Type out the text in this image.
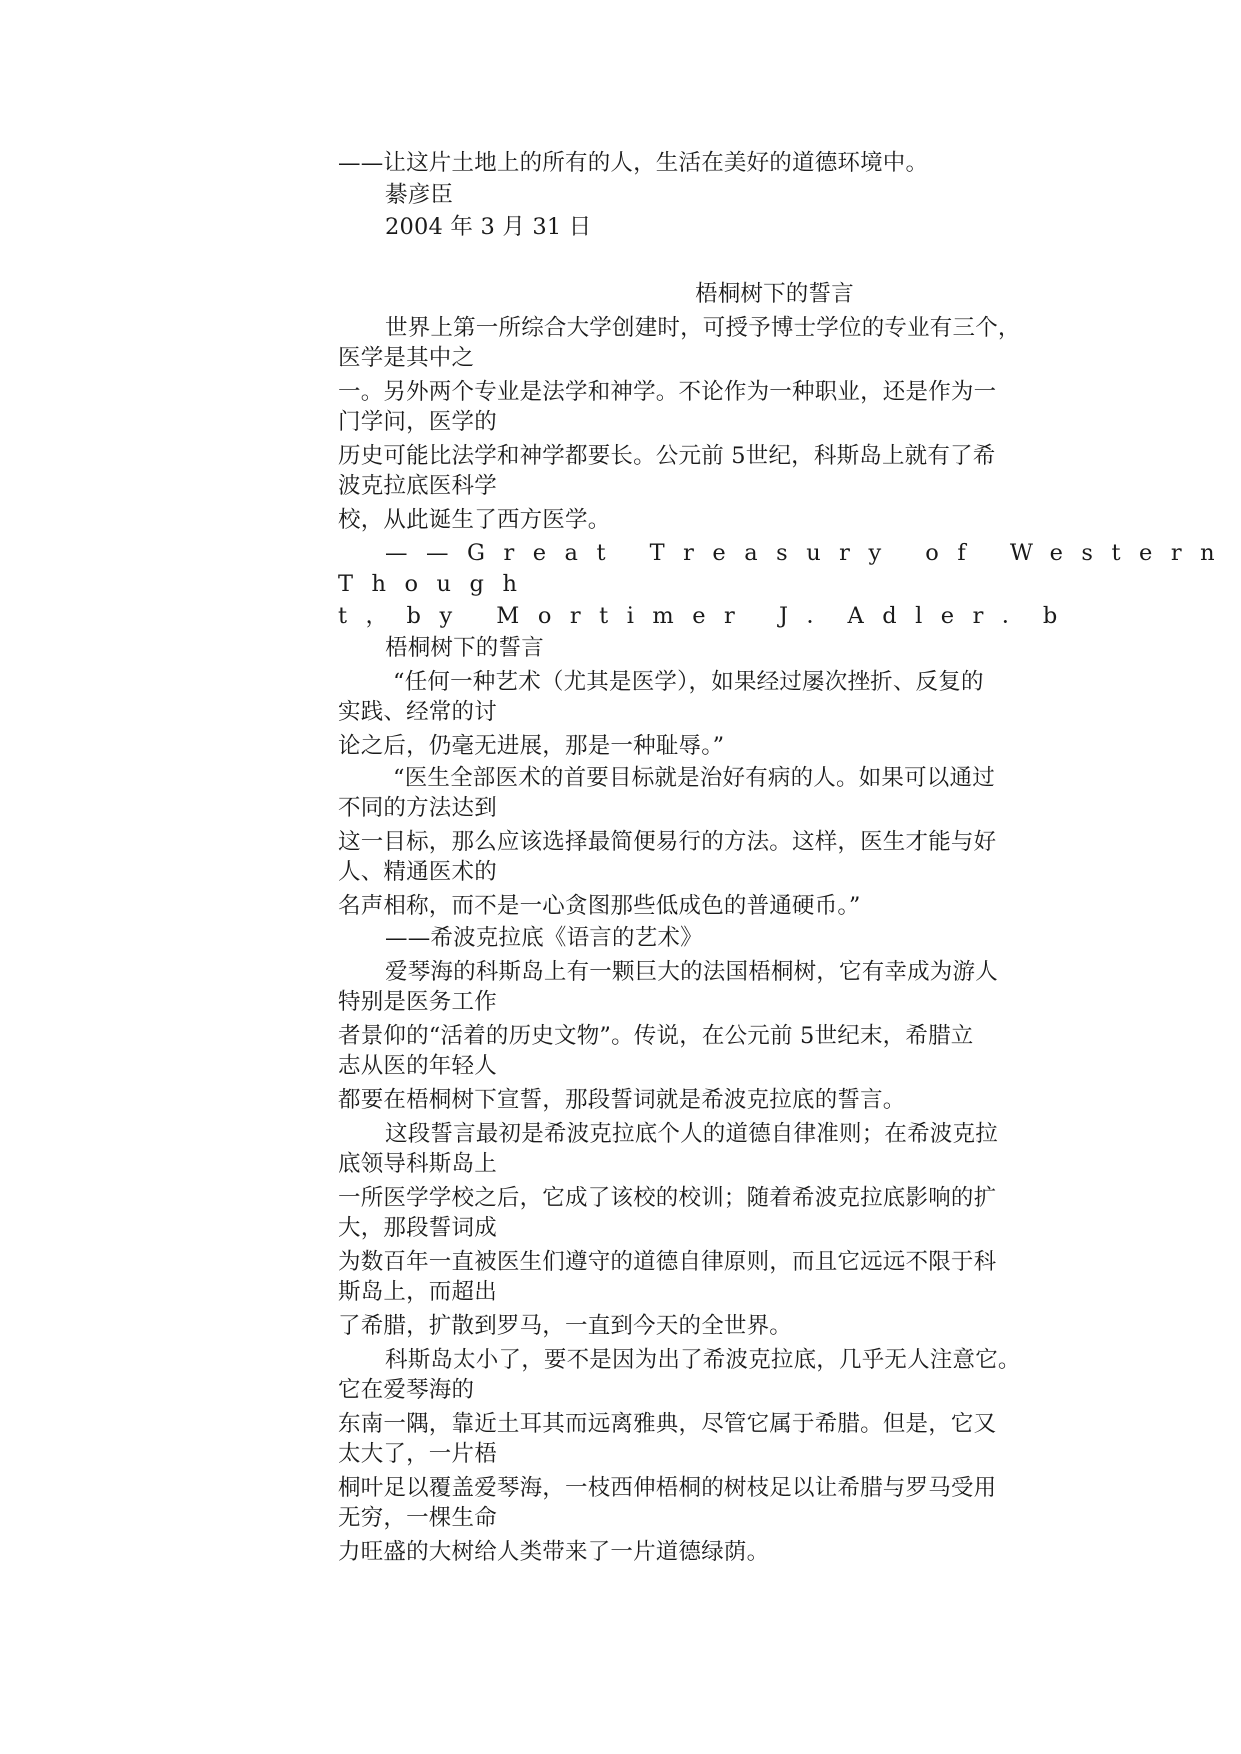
——让这片土地上的所有的人，生活在美好的道德环境中。
綦彦臣
2004 年 3 月 31 日
梧桐树下的誓言
世界上第一所综合大学创建时，可授予博士学位的专业有三个，
医学是其中之
一。另外两个专业是法学和神学。不论作为一种职业，还是作为一
门学问，医学的
历史可能比法学和神学都要长。公元前 5世纪，科斯岛上就有了希
波克拉底医科学
校，从此诞生了西方医学。
——Great Treasury of Western
Though
t，by Mortimer J．Adler．b
梧桐树下的誓言
“任何一种艺术（尤其是医学），如果经过屡次挫折、反复的
实践、经常的讨
论之后，仍毫无进展，那是一种耻辱。”
“医生全部医术的首要目标就是治好有病的人。如果可以通过
不同的方法达到
这一目标，那么应该选择最简便易行的方法。这样，医生才能与好
人、精通医术的
名声相称，而不是一心贪图那些低成色的普通硬币。”
——希波克拉底《语言的艺术》
爱琴海的科斯岛上有一颗巨大的法国梧桐树，它有幸成为游人
特别是医务工作
者景仰的“活着的历史文物”。传说，在公元前 5世纪末，希腊立
志从医的年轻人
都要在梧桐树下宣誓，那段誓词就是希波克拉底的誓言。
这段誓言最初是希波克拉底个人的道德自律准则；在希波克拉
底领导科斯岛上
一所医学学校之后，它成了该校的校训；随着希波克拉底影响的扩
大，那段誓词成
为数百年一直被医生们遵守的道德自律原则，而且它远远不限于科
斯岛上，而超出
了希腊，扩散到罗马，一直到今天的全世界。
科斯岛太小了，要不是因为出了希波克拉底，几乎无人注意它。
它在爱琴海的
东南一隅，靠近土耳其而远离雅典，尽管它属于希腊。但是，它又
太大了，一片梧
桐叶足以覆盖爱琴海，一枝西伸梧桐的树枝足以让希腊与罗马受用
无穷，一棵生命
力旺盛的大树给人类带来了一片道德绿荫。
